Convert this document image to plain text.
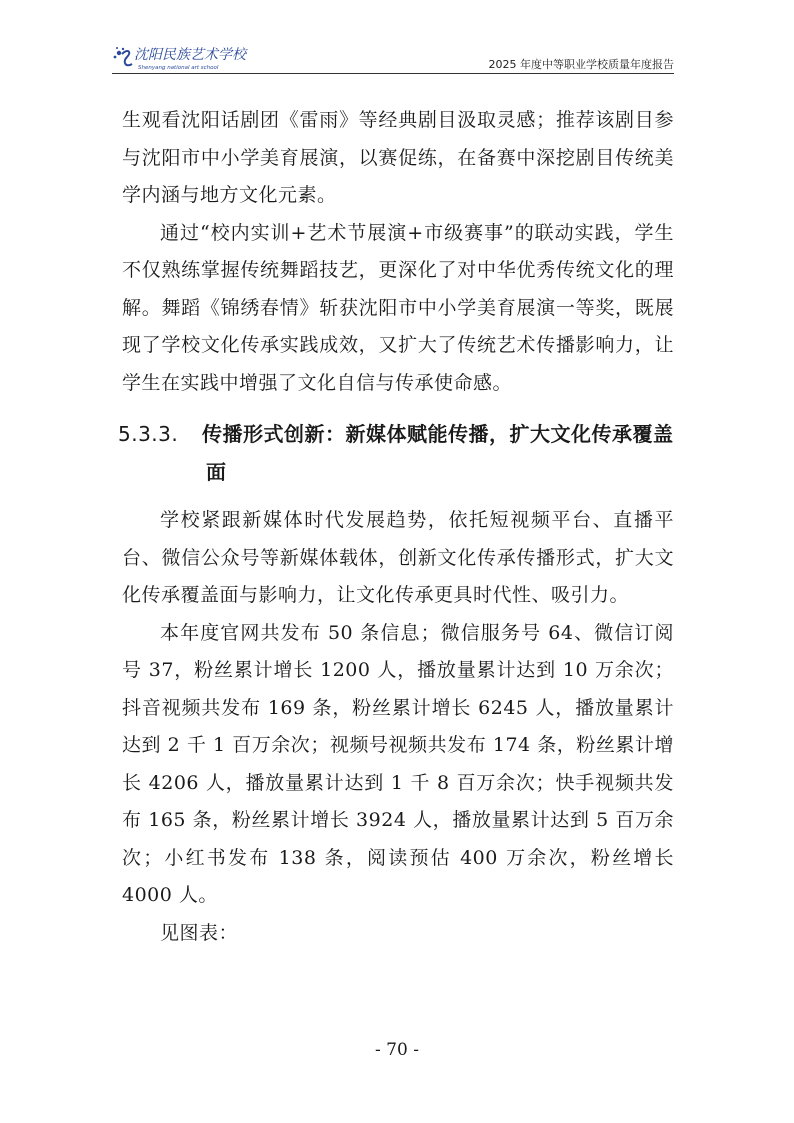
沈阳民族艺术学校
Shenyang national art school	2025 年度中等职业学校质量年度报告

生观看沈阳话剧团《雷雨》等经典剧目汲取灵感；推荐该剧目参与沈阳市中小学美育展演，以赛促练，在备赛中深挖剧目传统美学内涵与地方文化元素。

通过“校内实训+艺术节展演+市级赛事”的联动实践，学生不仅熟练掌握传统舞蹈技艺，更深化了对中华优秀传统文化的理解。舞蹈《锦绣春情》斩获沈阳市中小学美育展演一等奖，既展现了学校文化传承实践成效，又扩大了传统艺术传播影响力，让学生在实践中增强了文化自信与传承使命感。

5.3.3.	传播形式创新：新媒体赋能传播，扩大文化传承覆盖面

学校紧跟新媒体时代发展趋势，依托短视频平台、直播平台、微信公众号等新媒体载体，创新文化传承传播形式，扩大文化传承覆盖面与影响力，让文化传承更具时代性、吸引力。

本年度官网共发布 50 条信息；微信服务号 64、微信订阅号 37，粉丝累计增长 1200 人，播放量累计达到 10 万余次；抖音视频共发布 169 条，粉丝累计增长 6245 人，播放量累计达到 2 千 1 百万余次；视频号视频共发布 174 条，粉丝累计增长 4206 人，播放量累计达到 1 千 8 百万余次；快手视频共发布 165 条，粉丝累计增长 3924 人，播放量累计达到 5 百万余次；小红书发布 138 条，阅读预估 400 万余次，粉丝增长 4000 人。

见图表：

- 70 -
